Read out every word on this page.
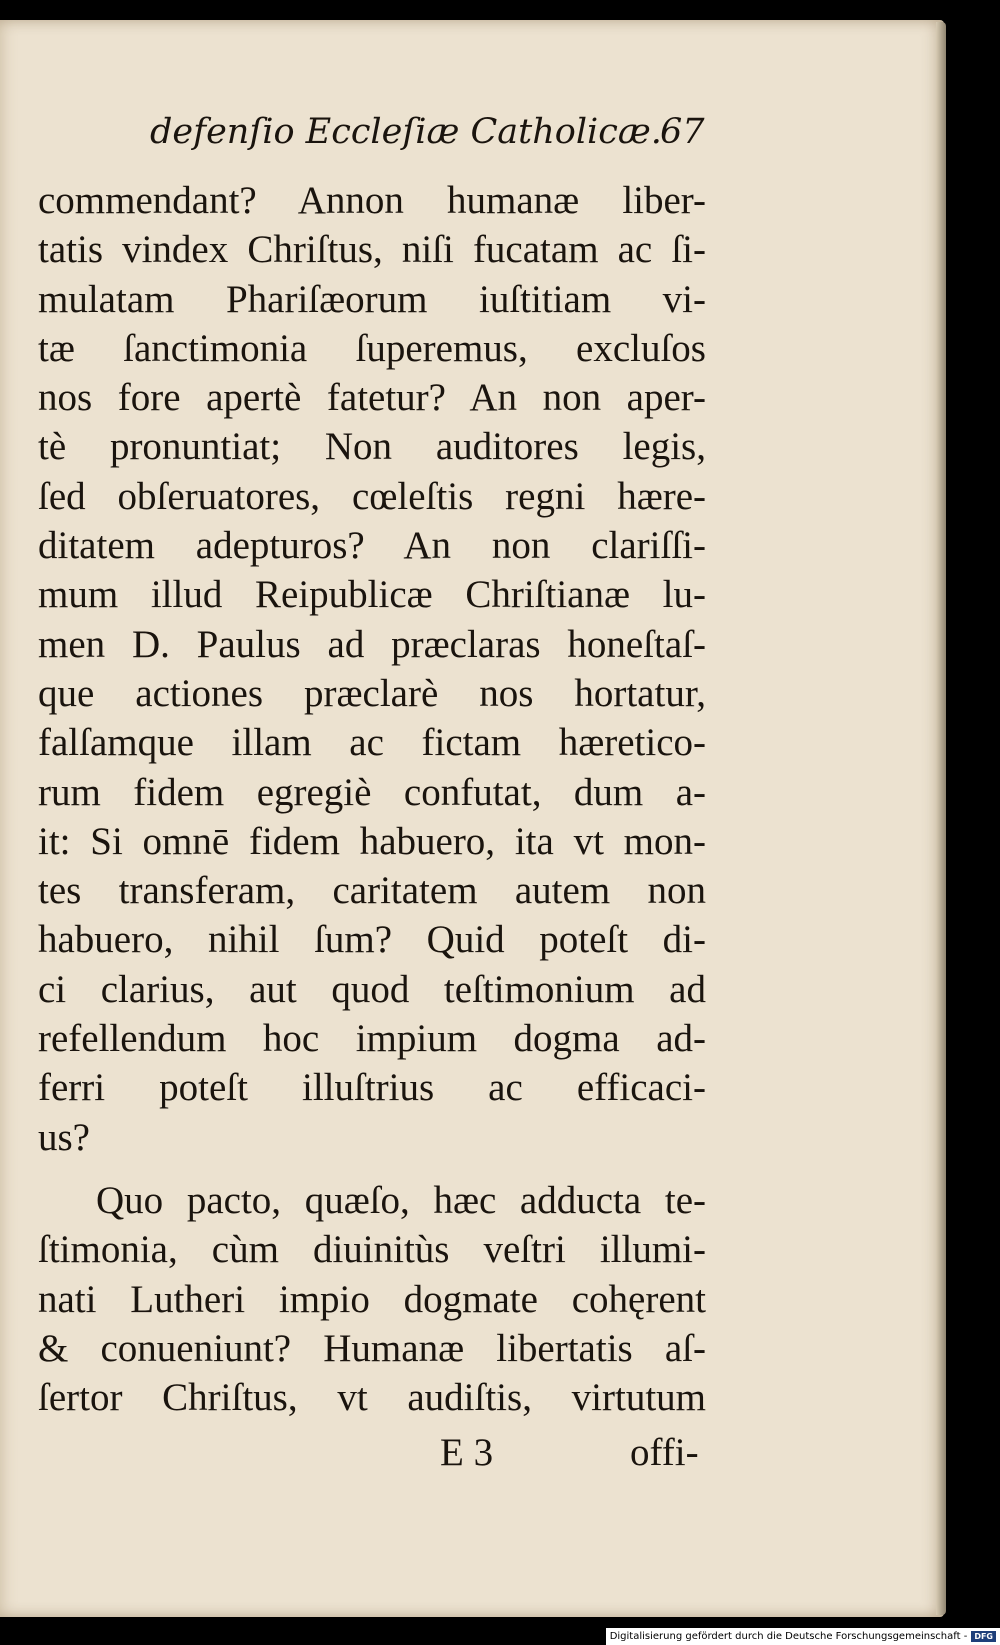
defenſio Eccleſiæ Catholicæ.
67
commendant? Annon humanæ liber-
tatis vindex Chriſtus, niſi fucatam ac ſi-
mulatam Phariſæorum iuſtitiam vi-
tæ ſanctimonia ſuperemus, excluſos
nos fore apertè fatetur? An non aper-
tè pronuntiat; Non auditores legis,
ſed obſeruatores, cœleſtis regni hære-
ditatem adepturos? An non clariſſi-
mum illud Reipublicæ Chriſtianæ lu-
men D. Paulus ad præclaras honeſtaſ-
que actiones præclarè nos hortatur,
falſamque illam ac fictam hæretico-
rum fidem egregiè confutat, dum a-
it: Si omnē fidem habuero, ita vt mon-
tes transferam, caritatem autem non
habuero, nihil ſum? Quid poteſt di-
ci clarius, aut quod teſtimonium ad
refellendum hoc impium dogma ad-
ferri poteſt illuſtrius ac efficaci-
us?
Quo pacto, quæſo, hæc adducta te-
ſtimonia, cùm diuinitùs veſtri illumi-
nati Lutheri impio dogmate cohęrent
& conueniunt? Humanæ libertatis aſ-
ſertor Chriſtus, vt audiſtis, virtutum
E 3	offi-
Digitalisierung gefördert durch die Deutsche Forschungsgemeinschaft - DFG
